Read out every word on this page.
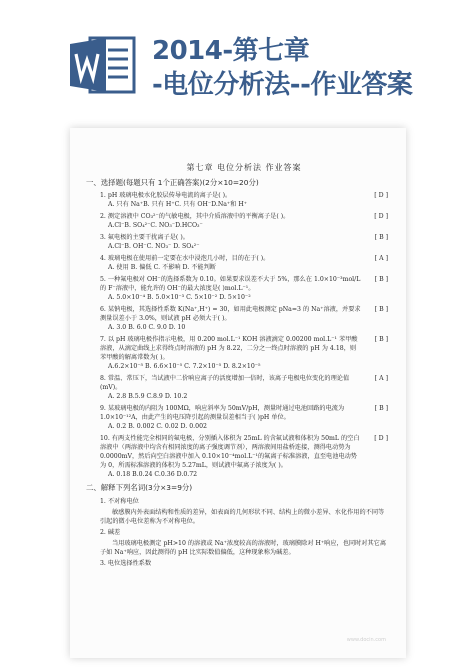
2014-第七章
-电位分析法--作业答案
第七章 电位分析法 作业答案
一、选择题(每题只有 1个正确答案)(2分×10=20分)
1. pH 玻璃电极水化胶层传导电流的离子是( )。	[ D ]
A. 只有 Na⁺B. 只有 H⁺C. 只有 OH⁻D.Na⁺和 H⁺
2. 测定溶液中 CO₃²⁻的气敏电极，其中介质溶液中的平衡离子是( )。	[ D ]
A.Cl⁻B. SO₄²⁻C. NO₃⁻D.HCO₃⁻
3. 氟电极的主要干扰离子是( )。	[ B ]
A.Cl⁻B. OH⁻C. NO₃⁻ D. SO₄²⁻
4. 玻璃电极在使用前一定要在水中浸泡几小时，目的在于( )。	[ A ]
A. 使用 B. 偏低 C. 不影响 D. 不能判断
5. 一种氟电极对 OH⁻的选择系数为 0.10。如果要求误差不大于 5%，那么在 1.0×10⁻³mol/L 的 F⁻溶液中，能允许的 OH⁻的最大浓度是( )mol.L⁻¹。
[ B ]
A. 5.0×10⁻⁴ B. 5.0×10⁻³ C. 5×10⁻² D. 5×10⁻²
6. 某钠电极，其选择性系数 K(Na⁺,H⁺) = 30，如用此电极测定 pNa=3 的 Na⁺溶液，并要求测量误差小于 3.0%，则试液 pH 必须大于( )。
[ B ]
A. 3.0 B. 6.0 C. 9.0 D. 10
7. 以 pH 玻璃电极作指示电极，用 0.200 mol.L⁻¹ KOH 溶液滴定 0.00200 mol.L⁻¹ 苯甲酸溶液，从滴定曲线上求得终点时溶液的 pH 为 8.22，二分之一终点时溶液的 pH 为 4.18，则苯甲酸的解离常数为( )。
[ B ]
A.6.2×10⁻⁵ B. 6.6×10⁻⁵ C. 7.2×10⁻⁵ D. 8.2×10⁻⁵
8. 常温、常压下，当试液中二价响应离子的活度增加一倍时，该离子电极电位变化的理论值(mV)。
[ A ]
A. 2.8 B.5.9 C.8.9 D. 10.2
9. 某玻璃电极的内阻为 100MΩ，响应斜率为 50mV/pH，测量时通过电池回路的电流为 1.0×10⁻¹²A，由此产生的电压降引起的测量误差相当于( )pH 单位。
[ B ]
A. 0.2 B. 0.002 C. 0.02 D. 0.002
10. 有两支性能完全相同的氟电极，分别插入体积为 25mL 的含氟试液和体积为 50mL 的空白溶液中（两溶液中均含有相同浓度的离子强度调节剂），两溶液间用盐桥连接，测得电动势为 0.0000mV，然后向空白溶液中加入 0.10×10⁻⁴mol.L⁻¹的氟离子标准溶液，直至电池电动势为 0，所需标准溶液的体积为 5.27mL，则试液中氟离子浓度为( )。
[ D ]
A. 0.18 B.0.24 C.0.36 D.0.72
二、解释下列名词(3分×3=9分)
1. 不对称电位
敏感膜内外表面结构和性质的差异，如表面的几何形状不同、结构上的微小差异、水化作用的不同等引起的微小电位差称为不对称电位。
2. 碱差
当用玻璃电极测定 pH>10 的溶液或 Na⁺浓度较高的溶液时，玻璃膜除对 H⁺响应，也同时对其它离子如 Na⁺响应，因此测得的 pH 比实际数值偏低，这种现象称为碱差。
3. 电位选择性系数
www.docin.com
